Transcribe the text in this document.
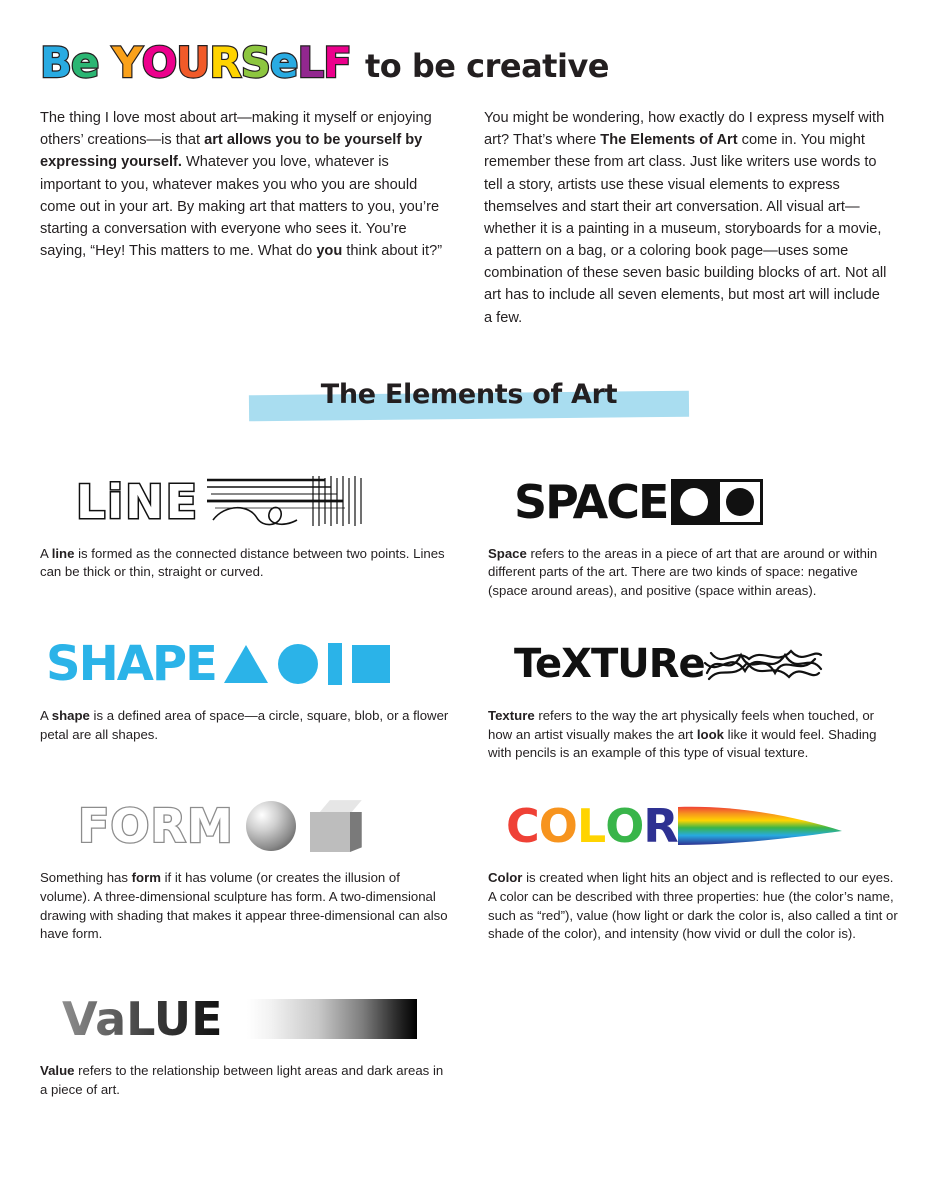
B e
Y O U R S e L F to be creative

The thing I love most about art—making it myself or enjoying others’ creations—is that art allows you to be yourself by expressing yourself. Whatever you love, whatever is important to you, whatever makes you who you are should come out in your art. By making art that matters to you, you’re starting a conversation with everyone who sees it. You’re saying, “Hey! This matters to me. What do you think about it?”

You might be wondering, how exactly do I express myself with art? That’s where The Elements of Art come in. You might remember these from art class. Just like writers use words to tell a story, artists use these visual elements to express themselves and start their art conversation. All visual art—whether it is a painting in a museum, storyboards for a movie, a pattern on a bag, or a coloring book page—uses some combination of these seven basic building blocks of art. Not all art has to include all seven elements, but most art will include a few.

The Elements of Art
LiNE
A line is formed as the connected distance between two points. Lines can be thick or thin, straight or curved.
SPACE
Space refers to the areas in a piece of art that are around or within different parts of the art. There are two kinds of space: negative (space around areas), and positive (space within areas).
SHAPE
A shape is a defined area of space—a circle, square, blob, or a flower petal are all shapes.
TeXTURe
Texture refers to the way the art physically feels when touched, or how an artist visually makes the art look like it would feel. Shading with pencils is an example of this type of visual texture.
FORM
Something has form if it has volume (or creates the illusion of volume). A three-dimensional sculpture has form. A two-dimensional drawing with shading that makes it appear three-dimensional can also have form.
COLOR
Color is created when light hits an object and is reflected to our eyes. A color can be described with three properties: hue (the color’s name, such as “red”), value (how light or dark the color is, also called a tint or shade of the color), and intensity (how vivid or dull the color is).
VaLUE
Value refers to the relationship between light areas and dark areas in a piece of art.
